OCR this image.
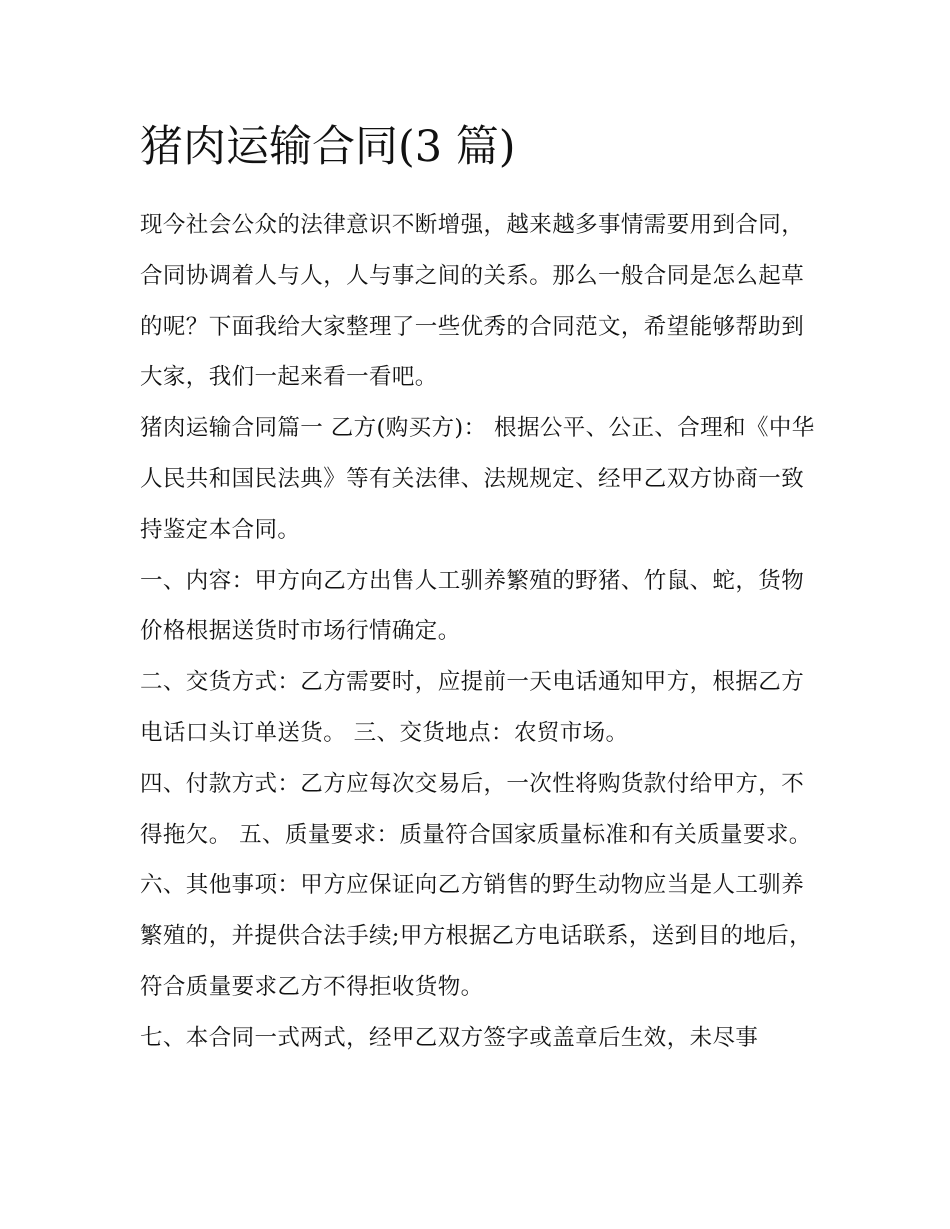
猪肉运输合同(3 篇)

现今社会公众的法律意识不断增强，越来越多事情需要用到合同，合同协调着人与人，人与事之间的关系。那么一般合同是怎么起草的呢？下面我给大家整理了一些优秀的合同范文，希望能够帮助到大家，我们一起来看一看吧。

猪肉运输合同篇一 乙方(购买方)： 根据公平、公正、合理和《中华人民共和国民法典》等有关法律、法规规定、经甲乙双方协商一致持鉴定本合同。

一、内容：甲方向乙方出售人工驯养繁殖的野猪、竹鼠、蛇，货物价格根据送货时市场行情确定。

二、交货方式：乙方需要时，应提前一天电话通知甲方，根据乙方电话口头订单送货。 三、交货地点：农贸市场。

四、付款方式：乙方应每次交易后，一次性将购货款付给甲方，不得拖欠。 五、质量要求：质量符合国家质量标准和有关质量要求。

六、其他事项：甲方应保证向乙方销售的野生动物应当是人工驯养繁殖的，并提供合法手续;甲方根据乙方电话联系，送到目的地后，符合质量要求乙方不得拒收货物。

七、本合同一式两式，经甲乙双方签字或盖章后生效，未尽事
